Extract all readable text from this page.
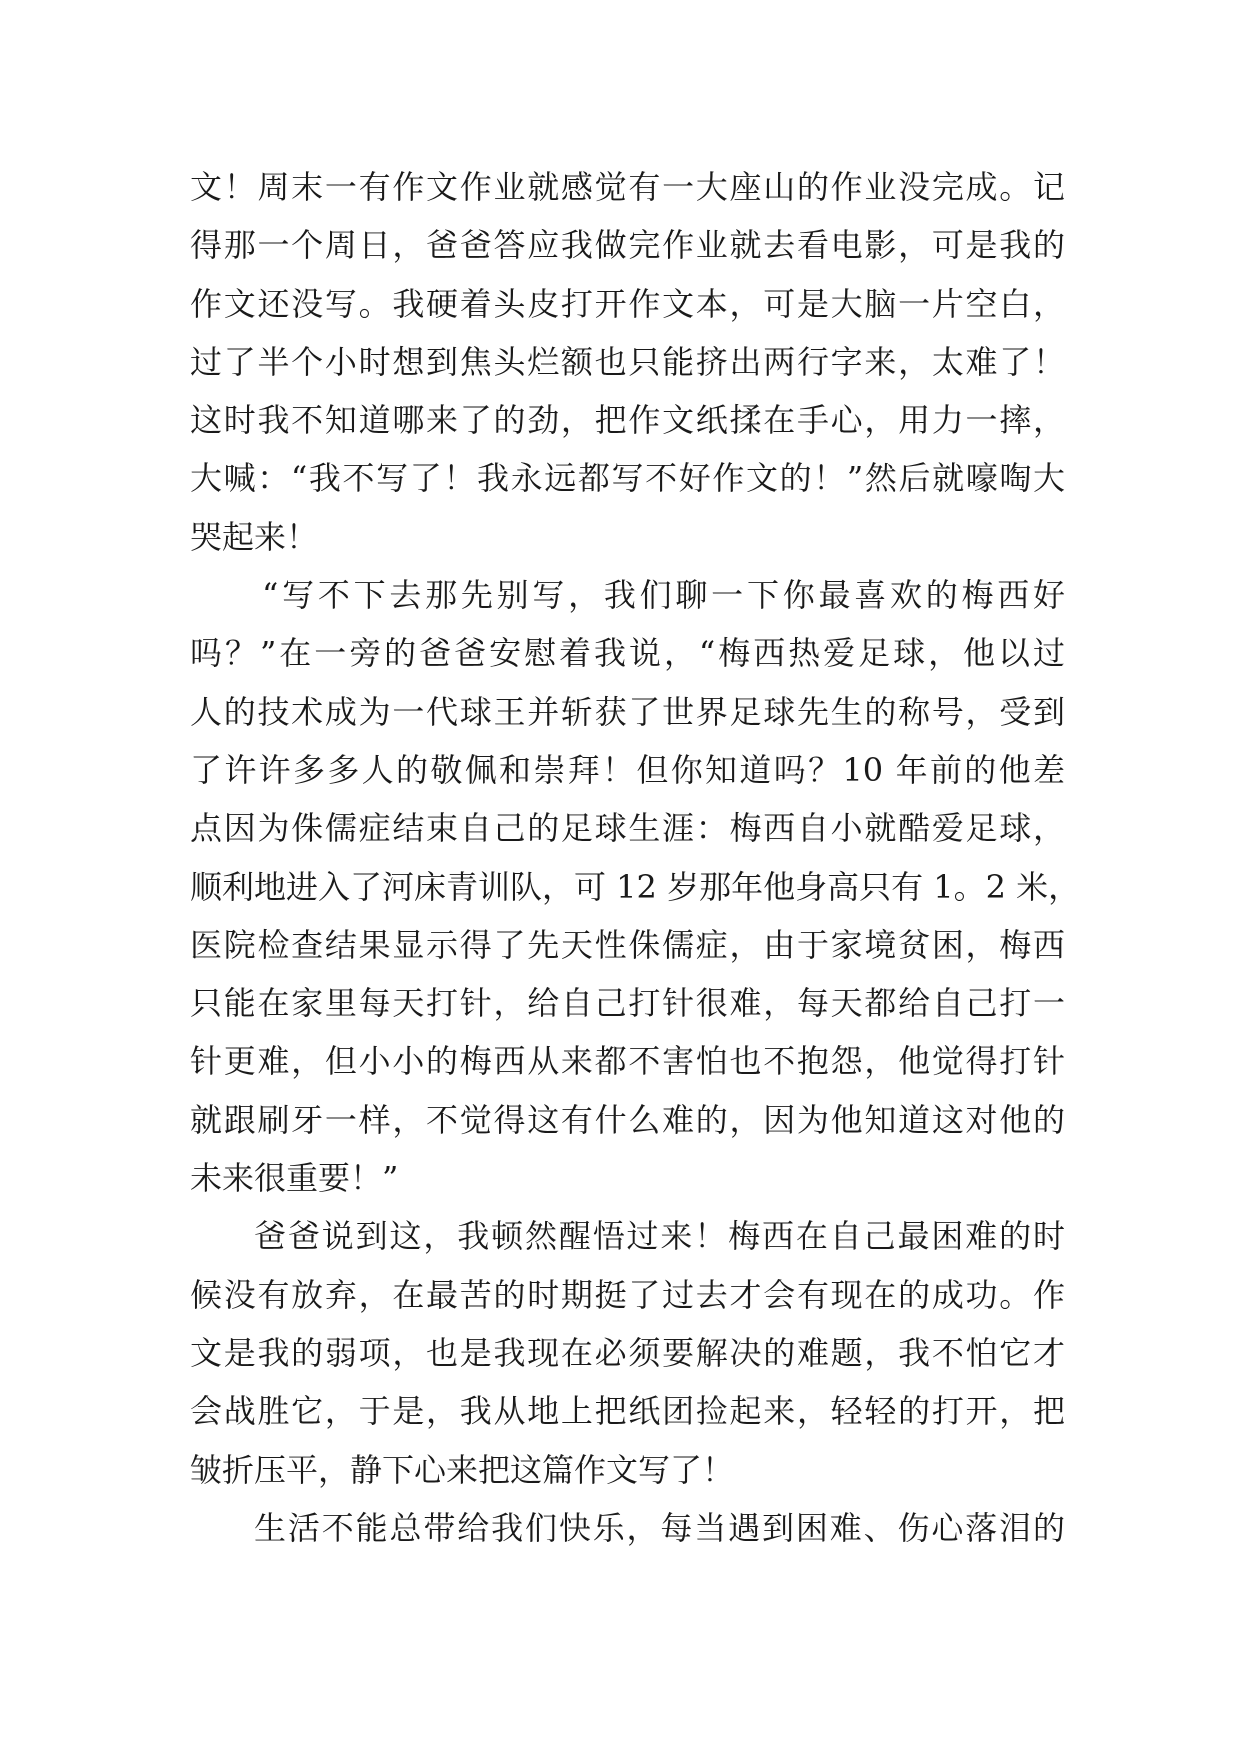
文！周末一有作文作业就感觉有一大座山的作业没完成。记
得那一个周日，爸爸答应我做完作业就去看电影，可是我的
作文还没写。我硬着头皮打开作文本，可是大脑一片空白，
过了半个小时想到焦头烂额也只能挤出两行字来，太难了！
这时我不知道哪来了的劲，把作文纸揉在手心，用力一摔，
大喊：“我不写了！我永远都写不好作文的！”然后就嚎啕大
哭起来！
“写不下去那先别写，我们聊一下你最喜欢的梅西好
吗？”在一旁的爸爸安慰着我说，“梅西热爱足球，他以过
人的技术成为一代球王并斩获了世界足球先生的称号，受到
了许许多多人的敬佩和崇拜！但你知道吗？10 年前的他差
点因为侏儒症结束自己的足球生涯：梅西自小就酷爱足球，
顺利地进入了河床青训队，可 12 岁那年他身高只有 1。2 米，
医院检查结果显示得了先天性侏儒症，由于家境贫困，梅西
只能在家里每天打针，给自己打针很难，每天都给自己打一
针更难，但小小的梅西从来都不害怕也不抱怨，他觉得打针
就跟刷牙一样，不觉得这有什么难的，因为他知道这对他的
未来很重要！”
爸爸说到这，我顿然醒悟过来！梅西在自己最困难的时
候没有放弃，在最苦的时期挺了过去才会有现在的成功。作
文是我的弱项，也是我现在必须要解决的难题，我不怕它才
会战胜它，于是，我从地上把纸团捡起来，轻轻的打开，把
皱折压平，静下心来把这篇作文写了！
生活不能总带给我们快乐，每当遇到困难、伤心落泪的
